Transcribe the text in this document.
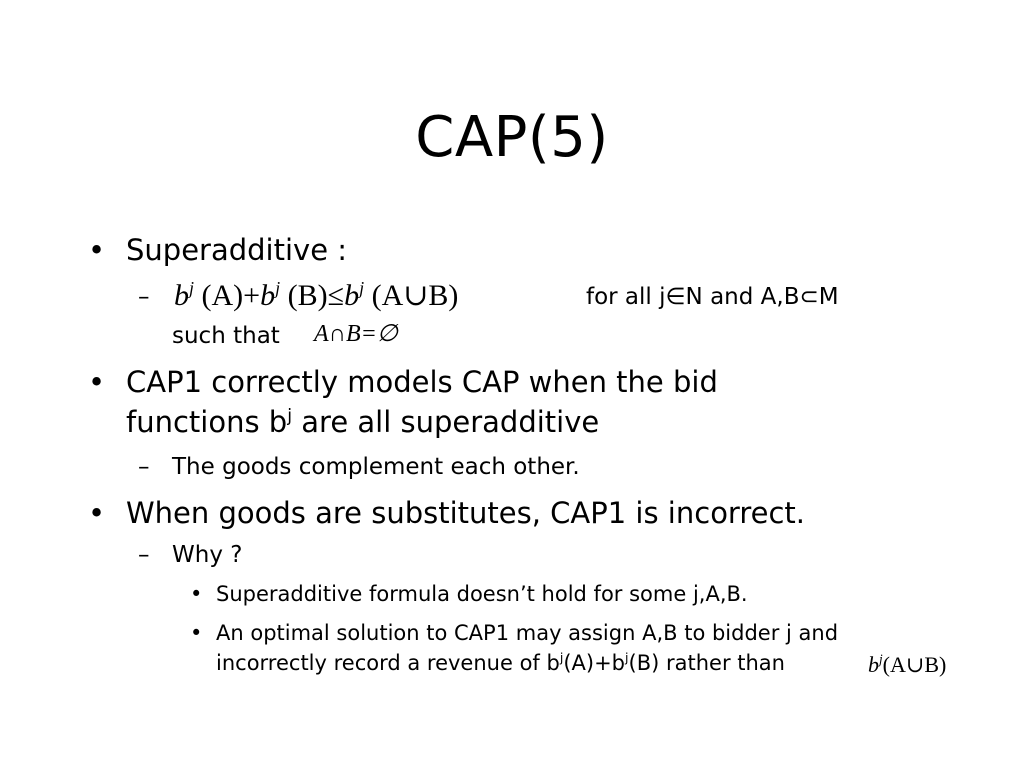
CAP(5)
• Superadditive :
– $b^j$ $(A)+b^j$ $(B)\le b^j$ (A∪B)	for all j∈N and A,B⊂M
such that A∩B=∅
• CAP1 correctly models CAP when the bid
functions $b^j$ are all superadditive
– The goods complement each other.
• When goods are substitutes, CAP1 is incorrect.
– Why ?
• Superadditive formula doesn’t hold for some j,A,B.
• An optimal solution to CAP1 may assign A,B to bidder j and
incorrectly record a revenue of $b^j(A)+b^j(B)$ rather than	$b^j(A\cup B)$
